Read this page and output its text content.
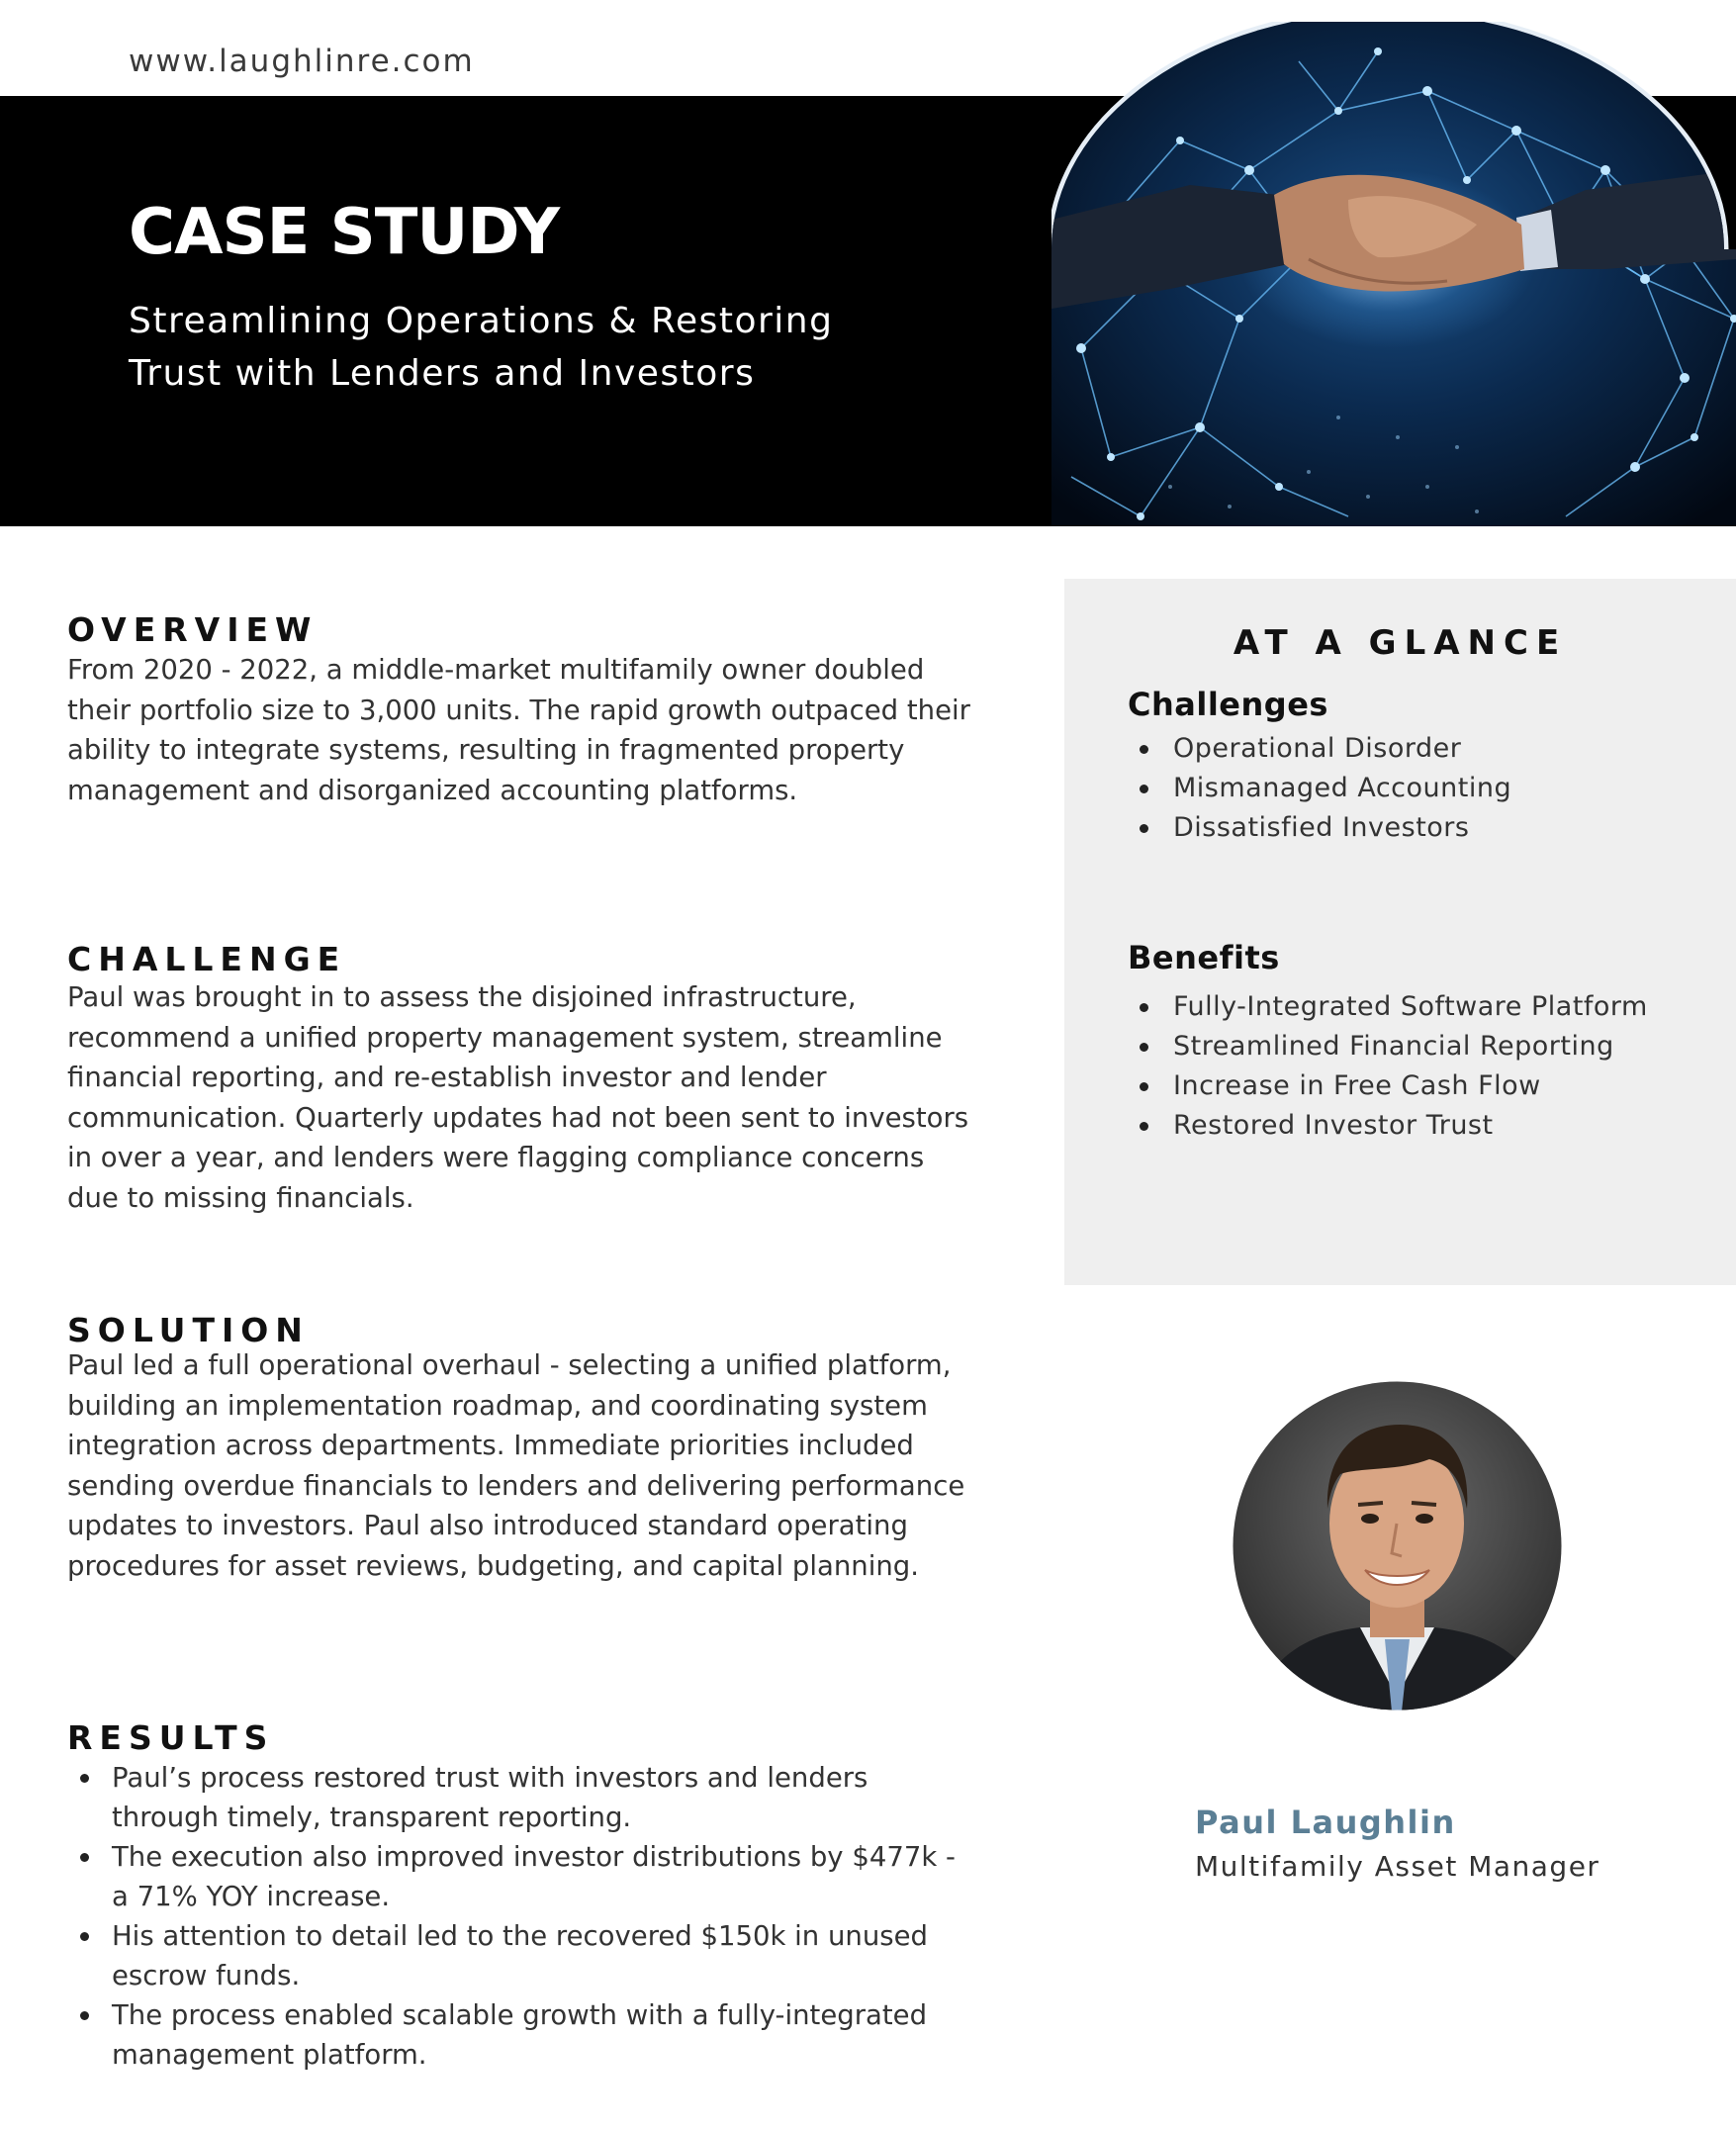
www.laughlinre.com
CASE STUDY
Streamlining Operations & Restoring
Trust with Lenders and Investors
OVERVIEW
From 2020 - 2022, a middle-market multifamily owner doubled their portfolio size to 3,000 units. The rapid growth outpaced their ability to integrate systems, resulting in fragmented property management and disorganized accounting platforms.
CHALLENGE
Paul was brought in to assess the disjoined infrastructure, recommend a unified property management system, streamline financial reporting, and re-establish investor and lender communication. Quarterly updates had not been sent to investors in over a year, and lenders were flagging compliance concerns due to missing financials.
SOLUTION
Paul led a full operational overhaul - selecting a unified platform, building an implementation roadmap, and coordinating system integration across departments. Immediate priorities included sending overdue financials to lenders and delivering performance updates to investors. Paul also introduced standard operating procedures for asset reviews, budgeting, and capital planning.
RESULTS
Paul’s process restored trust with investors and lenders through timely, transparent reporting.
The execution also improved investor distributions by $477k - a 71% YOY increase.
His attention to detail led to the recovered $150k in unused escrow funds.
The process enabled scalable growth with a fully-integrated management platform.
AT A GLANCE
Challenges
Operational Disorder
Mismanaged Accounting
Dissatisfied Investors
Benefits
Fully-Integrated Software Platform
Streamlined Financial Reporting
Increase in Free Cash Flow
Restored Investor Trust
Paul Laughlin
Multifamily Asset Manager
